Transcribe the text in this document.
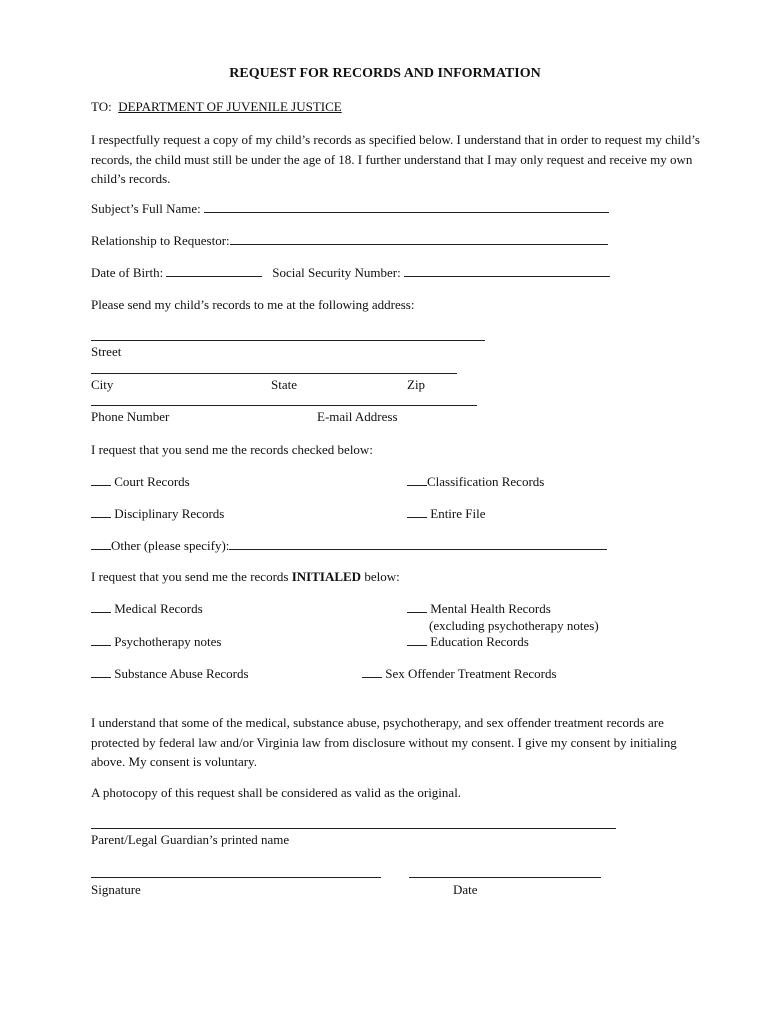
REQUEST FOR RECORDS AND INFORMATION
TO: DEPARTMENT OF JUVENILE JUSTICE
I respectfully request a copy of my child’s records as specified below. I understand that in order to request my child’s records, the child must still be under the age of 18. I further understand that I may only request and receive my own child’s records.
Subject’s Full Name:
Relationship to Requestor:
Date of Birth:	Social Security Number:
Please send my child’s records to me at the following address:
Street
City	State	Zip
Phone Number	E-mail Address
I request that you send me the records checked below:
Court Records	Classification Records
Disciplinary Records	Entire File
Other (please specify):
I request that you send me the records INITIALED below:
Medical Records	Mental Health Records
(excluding psychotherapy notes)
Psychotherapy notes	Education Records
Substance Abuse Records	Sex Offender Treatment Records
I understand that some of the medical, substance abuse, psychotherapy, and sex offender treatment records are protected by federal law and/or Virginia law from disclosure without my consent. I give my consent by initialing above. My consent is voluntary.
A photocopy of this request shall be considered as valid as the original.
Parent/Legal Guardian’s printed name
Signature	Date
